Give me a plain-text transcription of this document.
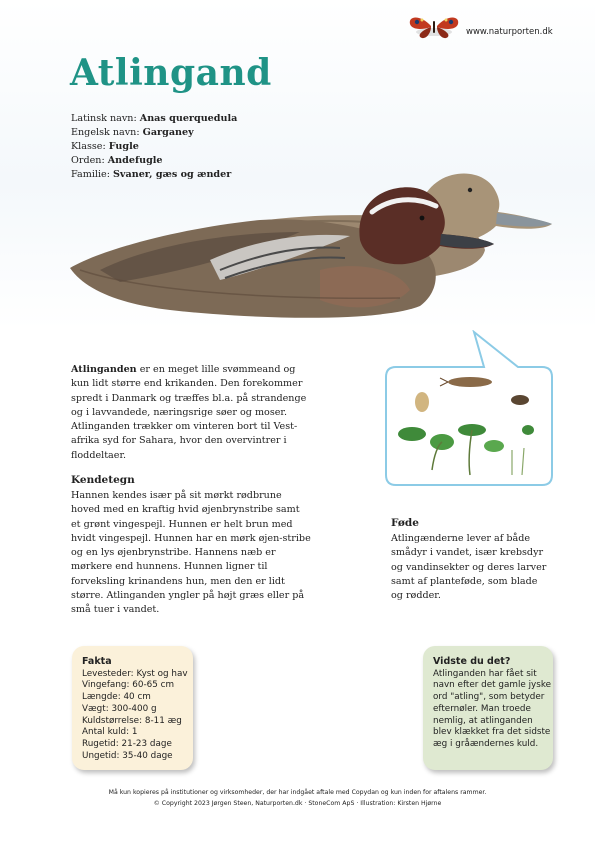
www.naturporten.dk
Atlingand
Latinsk navn: Anas querquedula
Engelsk navn: Garganey
Klasse: Fugle
Orden: Andefugle
Familie: Svaner, gæs og ænder

Atlinganden er en meget lille svømmeand og kun lidt større end krikanden. Den forekommer spredt i Danmark og træffes bl.a. på strandenge og i lavvandede, næringsrige søer og moser. Atlinganden trækker om vinteren bort til Vest-afrika syd for Sahara, hvor den overvintrer i floddeltaer.

Kendetegn

Hannen kendes især på sit mørkt rødbrune hoved med en kraftig hvid øjenbrynstribe samt et grønt vingespejl. Hunnen er helt brun med hvidt vingespejl. Hunnen har en mørk øjen-stribe og en lys øjenbrynstribe. Hannens næb er mørkere end hunnens. Hunnen ligner til forveksling krinandens hun, men den er lidt større. Atlinganden yngler på højt græs eller på små tuer i vandet.

Føde

Atlingænderne lever af både smådyr i vandet, især krebsdyr og vandinsekter og deres larver samt af planteføde, som blade og rødder.

Fakta
Levesteder: Kyst og hav
Vingefang: 60-65 cm
Længde: 40 cm
Vægt: 300-400 g
Kuldstørrelse: 8-11 æg
Antal kuld: 1
Rugetid: 21-23 dage
Ungetid: 35-40 dage
Vidste du det?

Atlinganden har fået sit navn efter det gamle jyske ord "atling", som betyder efternøler. Man troede nemlig, at atlinganden blev klækket fra det sidste æg i gråændernes kuld.

Må kun kopieres på institutioner og virksomheder, der har indgået aftale med Copydan og kun inden for aftalens rammer.
© Copyright 2023 Jørgen Steen, Naturporten.dk · StoneCom ApS · Illustration: Kirsten Hjørne
